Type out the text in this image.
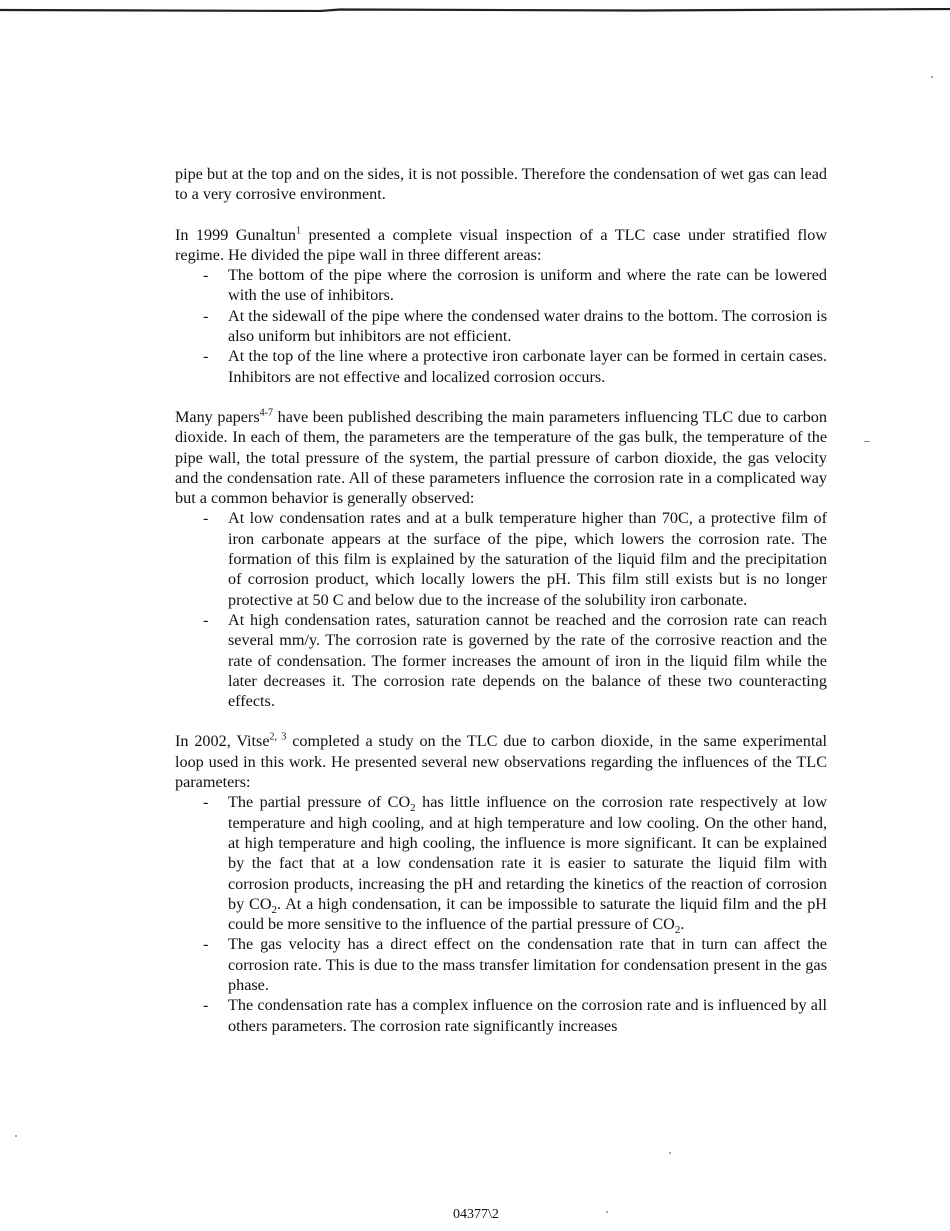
pipe but at the top and on the sides, it is not possible. Therefore the condensation of wet gas can lead to a very corrosive environment.

In 1999 Gunaltun$^1$ presented a complete visual inspection of a TLC case under stratified flow regime. He divided the pipe wall in three different areas:

- The bottom of the pipe where the corrosion is uniform and where the rate can be lowered with the use of inhibitors.
- At the sidewall of the pipe where the condensed water drains to the bottom. The corrosion is also uniform but inhibitors are not efficient.
- At the top of the line where a protective iron carbonate layer can be formed in certain cases. Inhibitors are not effective and localized corrosion occurs.

Many papers$^{4-7}$ have been published describing the main parameters influencing TLC due to carbon dioxide. In each of them, the parameters are the temperature of the gas bulk, the temperature of the pipe wall, the total pressure of the system, the partial pressure of carbon dioxide, the gas velocity and the condensation rate. All of these parameters influence the corrosion rate in a complicated way but a common behavior is generally observed:

- At low condensation rates and at a bulk temperature higher than 70C, a protective film of iron carbonate appears at the surface of the pipe, which lowers the corrosion rate. The formation of this film is explained by the saturation of the liquid film and the precipitation of corrosion product, which locally lowers the pH. This film still exists but is no longer protective at 50 C and below due to the increase of the solubility iron carbonate.
- At high condensation rates, saturation cannot be reached and the corrosion rate can reach several mm/y. The corrosion rate is governed by the rate of the corrosive reaction and the rate of condensation. The former increases the amount of iron in the liquid film while the later decreases it. The corrosion rate depends on the balance of these two counteracting effects.

In 2002, Vitse$^{2, 3}$ completed a study on the TLC due to carbon dioxide, in the same experimental loop used in this work. He presented several new observations regarding the influences of the TLC parameters:

- The partial pressure of $CO_2$ has little influence on the corrosion rate respectively at low temperature and high cooling, and at high temperature and low cooling. On the other hand, at high temperature and high cooling, the influence is more significant. It can be explained by the fact that at a low condensation rate it is easier to saturate the liquid film with corrosion products, increasing the pH and retarding the kinetics of the reaction of corrosion by $CO_2$. At a high condensation, it can be impossible to saturate the liquid film and the pH could be more sensitive to the influence of the partial pressure of $CO_2$.
- The gas velocity has a direct effect on the condensation rate that in turn can affect the corrosion rate. This is due to the mass transfer limitation for condensation present in the gas phase.
- The condensation rate has a complex influence on the corrosion rate and is influenced by all others parameters. The corrosion rate significantly increases
04377\2
